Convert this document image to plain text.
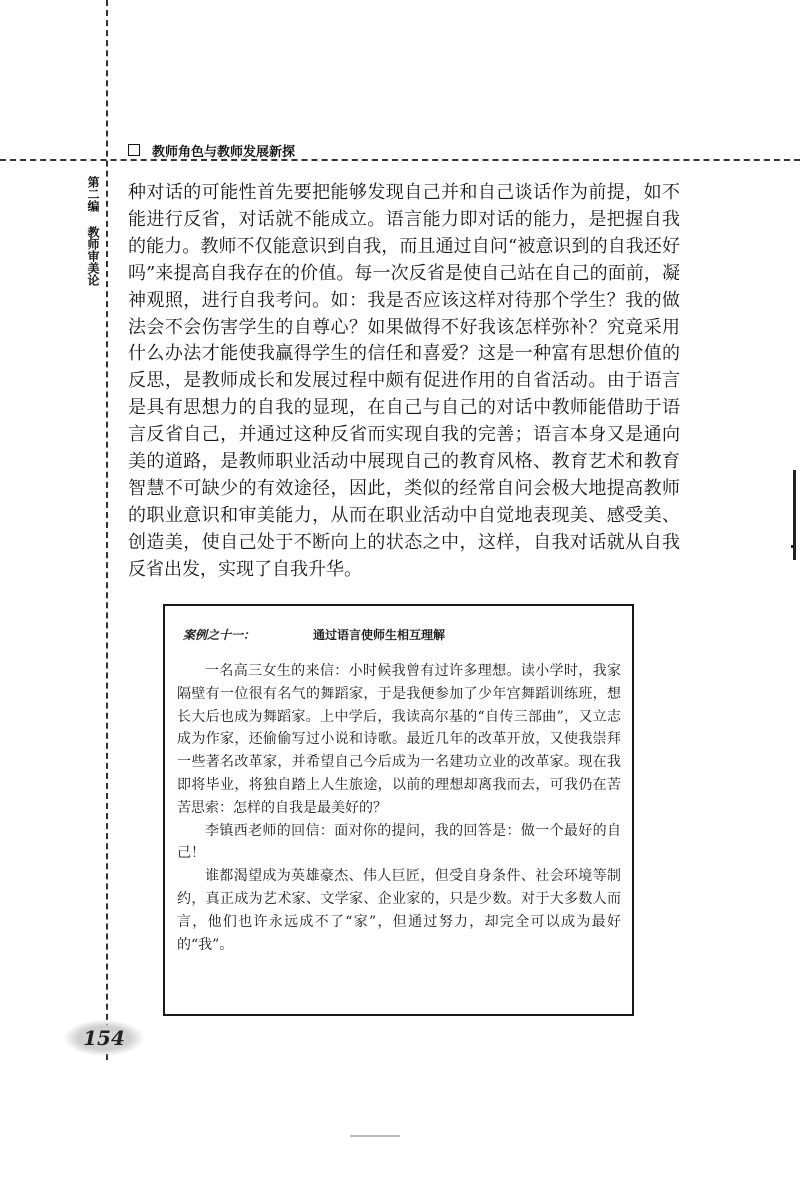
教师角色与教师发展新探
第二编教师审美论

种对话的可能性首先要把能够发现自己并和自己谈话作为前提，如不能进行反省，对话就不能成立。语言能力即对话的能力，是把握自我的能力。教师不仅能意识到自我，而且通过自问“被意识到的自我还好吗”来提高自我存在的价值。每一次反省是使自己站在自己的面前，凝神观照，进行自我考问。如：我是否应该这样对待那个学生？我的做法会不会伤害学生的自尊心？如果做得不好我该怎样弥补？究竟采用什么办法才能使我赢得学生的信任和喜爱？这是一种富有思想价值的反思，是教师成长和发展过程中颇有促进作用的自省活动。由于语言是具有思想力的自我的显现，在自己与自己的对话中教师能借助于语言反省自己，并通过这种反省而实现自我的完善；语言本身又是通向美的道路，是教师职业活动中展现自己的教育风格、教育艺术和教育智慧不可缺少的有效途径，因此，类似的经常自问会极大地提高教师的职业意识和审美能力，从而在职业活动中自觉地表现美、感受美、创造美，使自己处于不断向上的状态之中，这样，自我对话就从自我反省出发，实现了自我升华。

案例之十一：	通过语言使师生相互理解

一名高三女生的来信：小时候我曾有过许多理想。读小学时，我家隔壁有一位很有名气的舞蹈家，于是我便参加了少年宫舞蹈训练班，想长大后也成为舞蹈家。上中学后，我读高尔基的“自传三部曲”，又立志成为作家，还偷偷写过小说和诗歌。最近几年的改革开放，又使我崇拜一些著名改革家，并希望自己今后成为一名建功立业的改革家。现在我即将毕业，将独自踏上人生旅途，以前的理想却离我而去，可我仍在苦苦思索：怎样的自我是最美好的？

李镇西老师的回信：面对你的提问，我的回答是：做一个最好的自己！

谁都渴望成为英雄豪杰、伟人巨匠，但受自身条件、社会环境等制约，真正成为艺术家、文学家、企业家的，只是少数。对于大多数人而言，他们也许永远成不了“家”，但通过努力，却完全可以成为最好的“我”。

154
